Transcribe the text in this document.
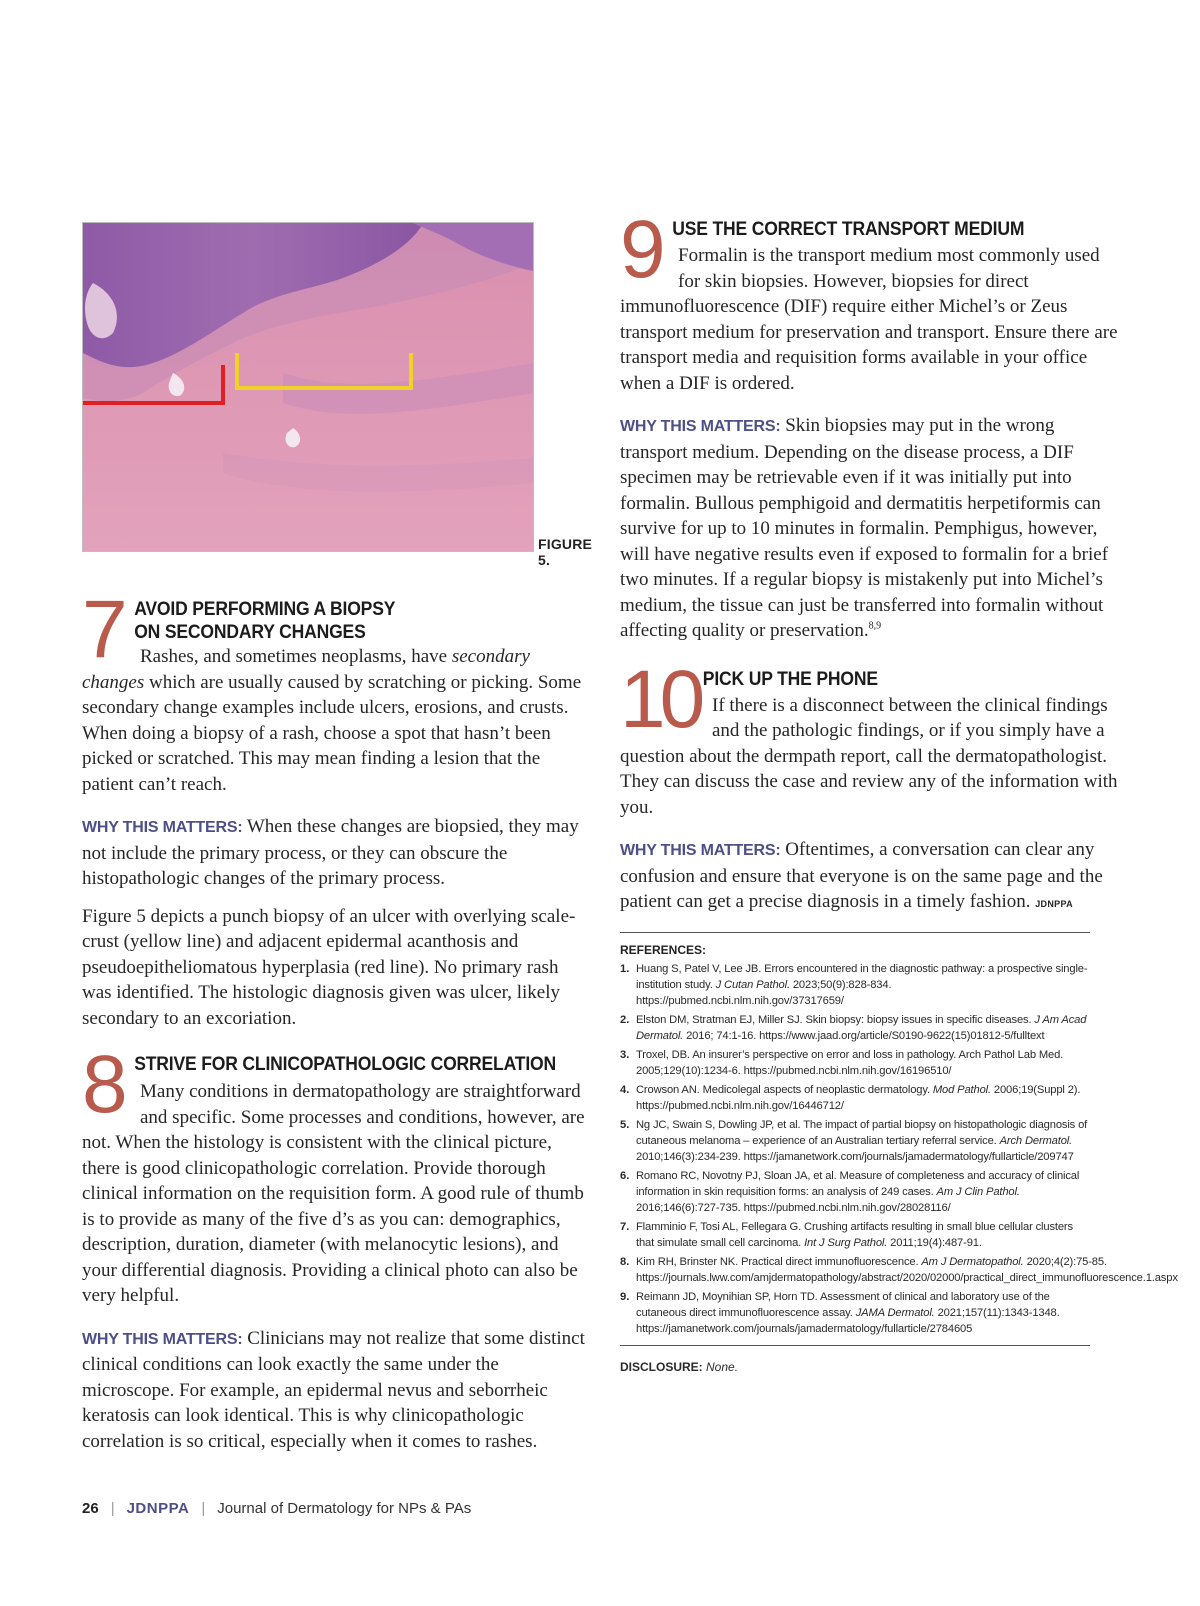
FIGURE 5.
7 AVOID PERFORMING A BIOPSY
ON SECONDARY CHANGES

Rashes, and sometimes neoplasms, have secondary changes which are usually caused by scratching or picking. Some secondary change examples include ulcers, erosions, and crusts. When doing a biopsy of a rash, choose a spot that hasn’t been picked or scratched. This may mean finding a lesion that the patient can’t reach.

WHY THIS MATTERS: When these changes are biopsied, they may not include the primary process, or they can obscure the histopathologic changes of the primary process.

Figure 5 depicts a punch biopsy of an ulcer with overlying scale-crust (yellow line) and adjacent epidermal acanthosis and pseudoepitheliomatous hyperplasia (red line). No primary rash was identified. The histologic diagnosis given was ulcer, likely secondary to an excoriation.

8 STRIVE FOR CLINICOPATHOLOGIC CORRELATION

Many conditions in dermatopathology are straightforward and specific. Some processes and conditions, however, are not. When the histology is consistent with the clinical picture, there is good clinicopathologic correlation. Provide thorough clinical information on the requisition form. A good rule of thumb is to provide as many of the five d’s as you can: demographics, description, duration, diameter (with melanocytic lesions), and your differential diagnosis. Providing a clinical photo can also be very helpful.

WHY THIS MATTERS: Clinicians may not realize that some distinct clinical conditions can look exactly the same under the microscope. For example, an epidermal nevus and seborrheic keratosis can look identical. This is why clinicopathologic correlation is so critical, especially when it comes to rashes.

9 USE THE CORRECT TRANSPORT MEDIUM

Formalin is the transport medium most commonly used for skin biopsies. However, biopsies for direct immunofluorescence (DIF) require either Michel’s or Zeus transport medium for preservation and transport. Ensure there are transport media and requisition forms available in your office when a DIF is ordered.

WHY THIS MATTERS: Skin biopsies may put in the wrong transport medium. Depending on the disease process, a DIF specimen may be retrievable even if it was initially put into formalin. Bullous pemphigoid and dermatitis herpetiformis can survive for up to 10 minutes in formalin. Pemphigus, however, will have negative results even if exposed to formalin for a brief two minutes. If a regular biopsy is mistakenly put into Michel’s medium, the tissue can just be transferred into formalin without affecting quality or preservation.$^{8,9}$

10 PICK UP THE PHONE

If there is a disconnect between the clinical findings and the pathologic findings, or if you simply have a question about the dermpath report, call the dermatopathologist. They can discuss the case and review any of the information with you.

WHY THIS MATTERS: Oftentimes, a conversation can clear any confusion and ensure that everyone is on the same page and the patient can get a precise diagnosis in a timely fashion. JDNPPA

REFERENCES:
1. Huang S, Patel V, Lee JB. Errors encountered in the diagnostic pathway: a prospective single-institution study. J Cutan Pathol. 2023;50(9):828-834. https://pubmed.ncbi.nlm.nih.gov/37317659/
2. Elston DM, Stratman EJ, Miller SJ. Skin biopsy: biopsy issues in specific diseases. J Am Acad Dermatol. 2016; 74:1-16. https://www.jaad.org/article/S0190-9622(15)01812-5/fulltext
3. Troxel, DB. An insurer’s perspective on error and loss in pathology. Arch Pathol Lab Med. 2005;129(10):1234-6. https://pubmed.ncbi.nlm.nih.gov/16196510/
4. Crowson AN. Medicolegal aspects of neoplastic dermatology. Mod Pathol. 2006;19(Suppl 2). https://pubmed.ncbi.nlm.nih.gov/16446712/
5. Ng JC, Swain S, Dowling JP, et al. The impact of partial biopsy on histopathologic diagnosis of cutaneous melanoma – experience of an Australian tertiary referral service. Arch Dermatol. 2010;146(3):234-239. https://jamanetwork.com/journals/jamadermatology/fullarticle/209747
6. Romano RC, Novotny PJ, Sloan JA, et al. Measure of completeness and accuracy of clinical information in skin requisition forms: an analysis of 249 cases. Am J Clin Pathol. 2016;146(6):727-735. https://pubmed.ncbi.nlm.nih.gov/28028116/
7. Flamminio F, Tosi AL, Fellegara G. Crushing artifacts resulting in small blue cellular clusters that simulate small cell carcinoma. Int J Surg Pathol. 2011;19(4):487-91.
8. Kim RH, Brinster NK. Practical direct immunofluorescence. Am J Dermatopathol. 2020;4(2):75-85. https://journals.lww.com/amjdermatopathology/abstract/2020/02000/practical_direct_immunofluorescence.1.aspx
9. Reimann JD, Moynihian SP, Horn TD. Assessment of clinical and laboratory use of the cutaneous direct immunofluorescence assay. JAMA Dermatol. 2021;157(11):1343-1348. https://jamanetwork.com/journals/jamadermatology/fullarticle/2784605
DISCLOSURE: None.
26 | JDNPPA | Journal of Dermatology for NPs & PAs
